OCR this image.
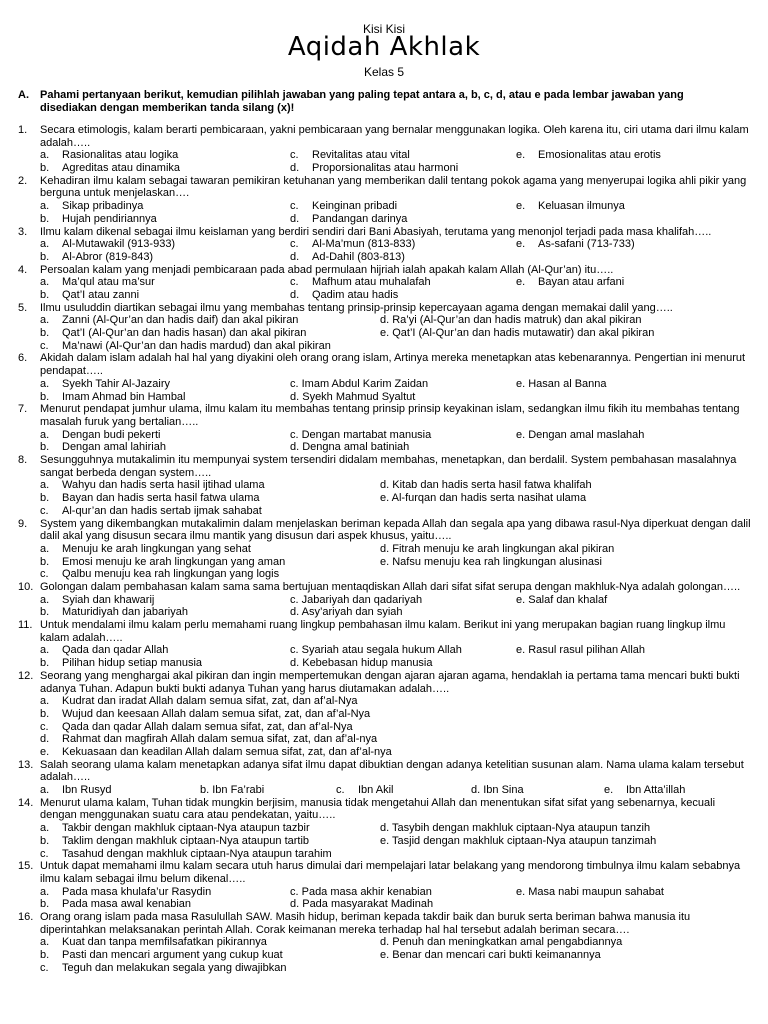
Kisi Kisi
Aqidah Akhlak
Kelas 5
A. Pahami pertanyaan berikut, kemudian pilihlah jawaban yang paling tepat antara a, b, c, d, atau e pada lembar jawaban yang disediakan dengan memberikan tanda silang (x)!
1.	Secara etimologis, kalam berarti pembicaraan, yakni pembicaraan yang bernalar menggunakan logika. Oleh karena itu, ciri utama dari ilmu kalam adalah…..
a. Rasionalitas atau logika	c. Revitalitas atau vital	e. Emosionalitas atau erotis
b. Agreditas atau dinamika	d. Proporsionalitas atau harmoni
2.	Kehadiran ilmu kalam sebagai tawaran pemikiran ketuhanan yang memberikan dalil tentang pokok agama yang menyerupai logika ahli pikir yang berguna untuk menjelaskan….
a. Sikap pribadinya	c. Keinginan pribadi	e. Keluasan ilmunya
b. Hujah pendiriannya	d. Pandangan darinya
3.	Ilmu kalam dikenal sebagai ilmu keislaman yang berdiri sendiri dari Bani Abasiyah, terutama yang menonjol terjadi pada masa khalifah…..
a. Al-Mutawakil (913-933)	c. Al-Ma’mun (813-833)	e. As-safani (713-733)
b. Al-Abror (819-843)	d. Ad-Dahil (803-813)
4.	Persoalan kalam yang menjadi pembicaraan pada abad permulaan hijriah ialah apakah kalam Allah (Al-Qur’an) itu…..
a. Ma’qul atau ma’sur	c. Mafhum atau muhalafah	e. Bayan atau arfani
b. Qat’I atau zanni	d. Qadim atau hadis
5.	Ilmu usuluddin diartikan sebagai ilmu yang membahas tentang prinsip-prinsip kepercayaan agama dengan memakai dalil yang…..
a. Zanni (Al-Qur’an dan hadis daif) dan akal pikiran	d. Ra’yi (Al-Qur’an dan hadis matruk) dan akal pikiran
b. Qat’I (Al-Qur’an dan hadis hasan) dan akal pikiran	e. Qat’I (Al-Qur’an dan hadis mutawatir) dan akal pikiran
c. Ma’nawi (Al-Qur’an dan hadis mardud) dan akal pikiran
6.	Akidah dalam islam adalah hal hal yang diyakini oleh orang orang islam, Artinya mereka menetapkan atas kebenarannya. Pengertian ini menurut pendapat…..
a. Syekh Tahir Al-Jazairy	c. Imam Abdul Karim Zaidan	e. Hasan al Banna
b. Imam Ahmad bin Hambal	d. Syekh Mahmud Syaltut
7.	Menurut pendapat jumhur ulama, ilmu kalam itu membahas tentang prinsip prinsip keyakinan islam, sedangkan ilmu fikih itu membahas tentang masalah furuk yang bertalian…..
a. Dengan budi pekerti	c. Dengan martabat manusia	e. Dengan amal maslahah
b. Dengan amal lahiriah	d. Dengna amal batiniah
8.	Sesungguhnya mutakalimin itu mempunyai system tersendiri didalam membahas, menetapkan, dan berdalil. System pembahasan masalahnya sangat berbeda dengan system…..
a. Wahyu dan hadis serta hasil ijtihad ulama	d. Kitab dan hadis serta hasil fatwa khalifah
b. Bayan dan hadis serta hasil fatwa ulama	e. Al-furqan dan hadis serta nasihat ulama
c. Al-qur’an dan hadis sertab ijmak sahabat
9.	System yang dikembangkan mutakalimin dalam menjelaskan beriman kepada Allah dan segala apa yang dibawa rasul-Nya diperkuat dengan dalil dalil akal yang disusun secara ilmu mantik yang disusun dari aspek khusus, yaitu…..
a. Menuju ke arah lingkungan yang sehat	d. Fitrah menuju ke arah lingkungan akal pikiran
b. Emosi menuju ke arah lingkungan yang aman	e. Nafsu menuju kea rah lingkungan alusinasi
c. Qalbu menuju kea rah lingkungan yang logis
10. Golongan dalam pembahasan kalam sama sama bertujuan mentaqdiskan Allah dari sifat sifat serupa dengan makhluk-Nya adalah golongan…..
a. Syiah dan khawarij	c. Jabariyah dan qadariyah	e. Salaf dan khalaf
b. Maturidiyah dan jabariyah	d. Asy’ariyah dan syiah
11. Untuk mendalami ilmu kalam perlu memahami ruang lingkup pembahasan ilmu kalam. Berikut ini yang merupakan bagian ruang lingkup ilmu kalam adalah…..
a. Qada dan qadar Allah	c. Syariah atau segala hukum Allah	e. Rasul rasul pilihan Allah
b. Pilihan hidup setiap manusia	d. Kebebasan hidup manusia
12. Seorang yang menghargai akal pikiran dan ingin mempertemukan dengan ajaran ajaran agama, hendaklah ia pertama tama mencari bukti bukti adanya Tuhan. Adapun bukti bukti adanya Tuhan yang harus diutamakan adalah…..
a. Kudrat dan iradat Allah dalam semua sifat, zat, dan af’al-Nya
b. Wujud dan keesaan Allah dalam semua sifat, zat, dan af’al-Nya
c. Qada dan qadar Allah dalam semua sifat, zat, dan af’al-Nya
d. Rahmat dan magfirah Allah dalam semua sifat, zat, dan af’al-nya
e. Kekuasaan dan keadilan Allah dalam semua sifat, zat, dan af’al-nya
13. Salah seorang ulama kalam menetapkan adanya sifat ilmu dapat dibuktian dengan adanya ketelitian susunan alam. Nama ulama kalam tersebut adalah…..
a. Ibn Rusyd	b. Ibn Fa’rabi	c. Ibn Akil	d. Ibn Sina	e. Ibn Atta’illah
14. Menurut ulama kalam, Tuhan tidak mungkin berjisim, manusia tidak mengetahui Allah dan menentukan sifat sifat yang sebenarnya, kecuali dengan menggunakan suatu cara atau pendekatan, yaitu…..
a. Takbir dengan makhluk ciptaan-Nya ataupun tazbir	d. Tasybih dengan makhluk ciptaan-Nya ataupun tanzih
b. Taklim dengan makhluk ciptaan-Nya ataupun tartib	e. Tasjid dengan makhluk ciptaan-Nya ataupun tanzimah
c. Tasahud dengan makhluk ciptaan-Nya ataupun tarahim
15. Untuk dapat memahami ilmu kalam secara utuh harus dimulai dari mempelajari latar belakang yang mendorong timbulnya ilmu kalam sebabnya ilmu kalam sebagai ilmu belum dikenal…..
a. Pada masa khulafa’ur Rasydin	c. Pada masa akhir kenabian	e. Masa nabi maupun sahabat
b. Pada masa awal kenabian	d. Pada masyarakat Madinah
16. Orang orang islam pada masa Rasulullah SAW. Masih hidup, beriman kepada takdir baik dan buruk serta beriman bahwa manusia itu diperintahkan melaksanakan perintah Allah. Corak keimanan mereka terhadap hal hal tersebut adalah beriman secara….
a. Kuat dan tanpa memfilsafatkan pikirannya	d. Penuh dan meningkatkan amal pengabdiannya
b. Pasti dan mencari argument yang cukup kuat	e. Benar dan mencari cari bukti keimanannya
c. Teguh dan melakukan segala yang diwajibkan
